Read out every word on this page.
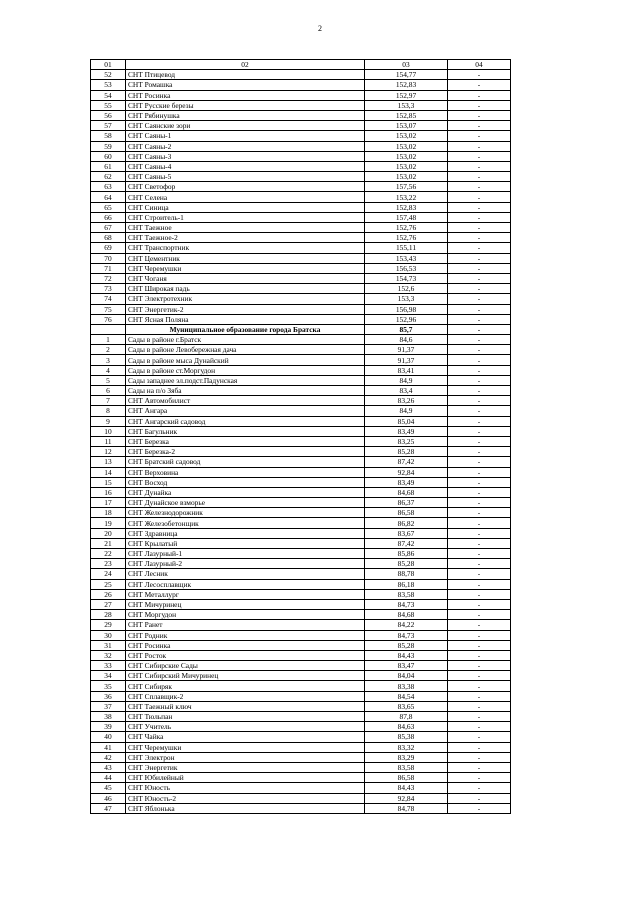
2
01	02	03	04
52	СНТ Птицевод	154,77	-
53	СНТ Ромашка	152,83	-
54	СНТ Росинка	152,97	-
55	СНТ Русские березы	153,3	-
56	СНТ Рябинушка	152,85	-
57	СНТ Саянские зори	153,07	-
58	СНТ Саяны-1	153,02	-
59	СНТ Саяны-2	153,02	-
60	СНТ Саяны-3	153,02	-
61	СНТ Саяны-4	153,02	-
62	СНТ Саяны-5	153,02	-
63	СНТ Светофор	157,56	-
64	СНТ Селена	153,22	-
65	СНТ Синица	152,83	-
66	СНТ Строитель-1	157,48	-
67	СНТ Таежное	152,76	-
68	СНТ Таежное-2	152,76	-
69	СНТ Транспортник	155,11	-
70	СНТ Цементник	153,43	-
71	СНТ Черемушки	156,53	-
72	СНТ Чоганя	154,73	-
73	СНТ Широкая падь	152,6	-
74	СНТ Электротехник	153,3	-
75	СНТ Энергетик-2	156,98	-
76	СНТ Ясная Поляна	152,96	-
	Муниципальное образование города Братска	85,7	-
1	Сады в районе г.Братск	84,6	-
2	Сады в районе Левобережная дача	91,37	-
3	Сады в районе мыса Дунайский	91,37	-
4	Сады в районе ст.Моргудон	83,41	-
5	Сады западнее эл.подст.Падунская	84,9	-
6	Сады на п/о Зяба	83,4	-
7	СНТ Автомобилист	83,26	-
8	СНТ Ангара	84,9	-
9	СНТ Ангарский садовод	85,04	-
10	СНТ Багульник	83,49	-
11	СНТ Березка	83,25	-
12	СНТ Березка-2	85,28	-
13	СНТ Братский садовод	87,42	-
14	СНТ Верховина	92,84	-
15	СНТ Восход	83,49	-
16	СНТ Дунайка	84,68	-
17	СНТ Дунайское взморье	86,37	-
18	СНТ Железнодорожник	86,58	-
19	СНТ Железобетонщик	86,82	-
20	СНТ Здравница	83,67	-
21	СНТ Крылатый	87,42	-
22	СНТ Лазурный-1	85,86	-
23	СНТ Лазурный-2	85,28	-
24	СНТ Лесник	88,78	-
25	СНТ Лесосплавщик	86,18	-
26	СНТ Металлург	83,58	-
27	СНТ Мичуринец	84,73	-
28	СНТ Моргудон	84,68	-
29	СНТ Ранет	84,22	-
30	СНТ Родник	84,73	-
31	СНТ Росинка	85,28	-
32	СНТ Росток	84,43	-
33	СНТ Сибирские Сады	83,47	-
34	СНТ Сибирский Мичуринец	84,04	-
35	СНТ Сибиряк	83,38	-
36	СНТ Сплавщик-2	84,54	-
37	СНТ Таежный ключ	83,65	-
38	СНТ Тюльпан	87,8	-
39	СНТ Учитель	84,63	-
40	СНТ Чайка	85,38	-
41	СНТ Черемушки	83,32	-
42	СНТ Электрон	83,29	-
43	СНТ Энергетик	83,58	-
44	СНТ Юбилейный	86,58	-
45	СНТ Юность	84,43	-
46	СНТ Юность-2	92,84	-
47	СНТ Яблонька	84,78	-
